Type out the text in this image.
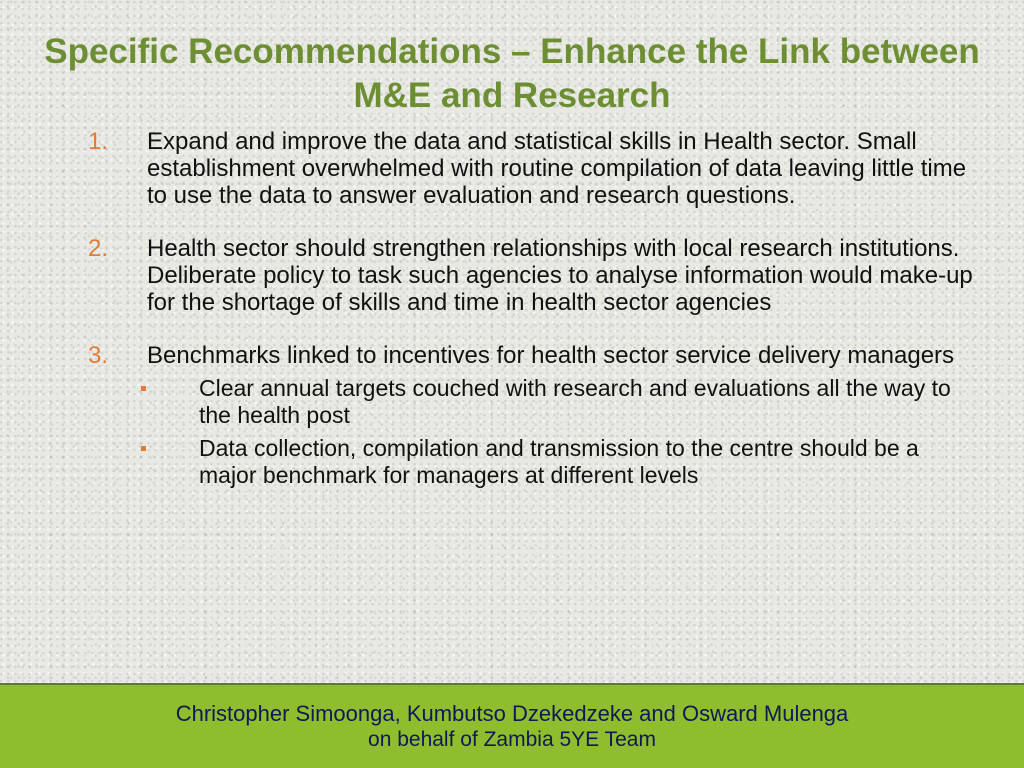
Specific Recommendations – Enhance the Link between M&E and Research
1. Expand and improve the data and statistical skills in Health sector. Small establishment overwhelmed with routine compilation of data leaving little time to use the data to answer evaluation and research questions.
2. Health sector should strengthen relationships with local research institutions. Deliberate policy to task such agencies to analyse information would make-up for the shortage of skills and time in health sector agencies
3. Benchmarks linked to incentives for health sector service delivery managers
Clear annual targets couched with research and evaluations all the way to the health post
Data collection, compilation and transmission to the centre should be a major benchmark for managers at different levels
Christopher Simoonga, Kumbutso Dzekedzeke and Osward Mulenga
on behalf of Zambia 5YE Team
